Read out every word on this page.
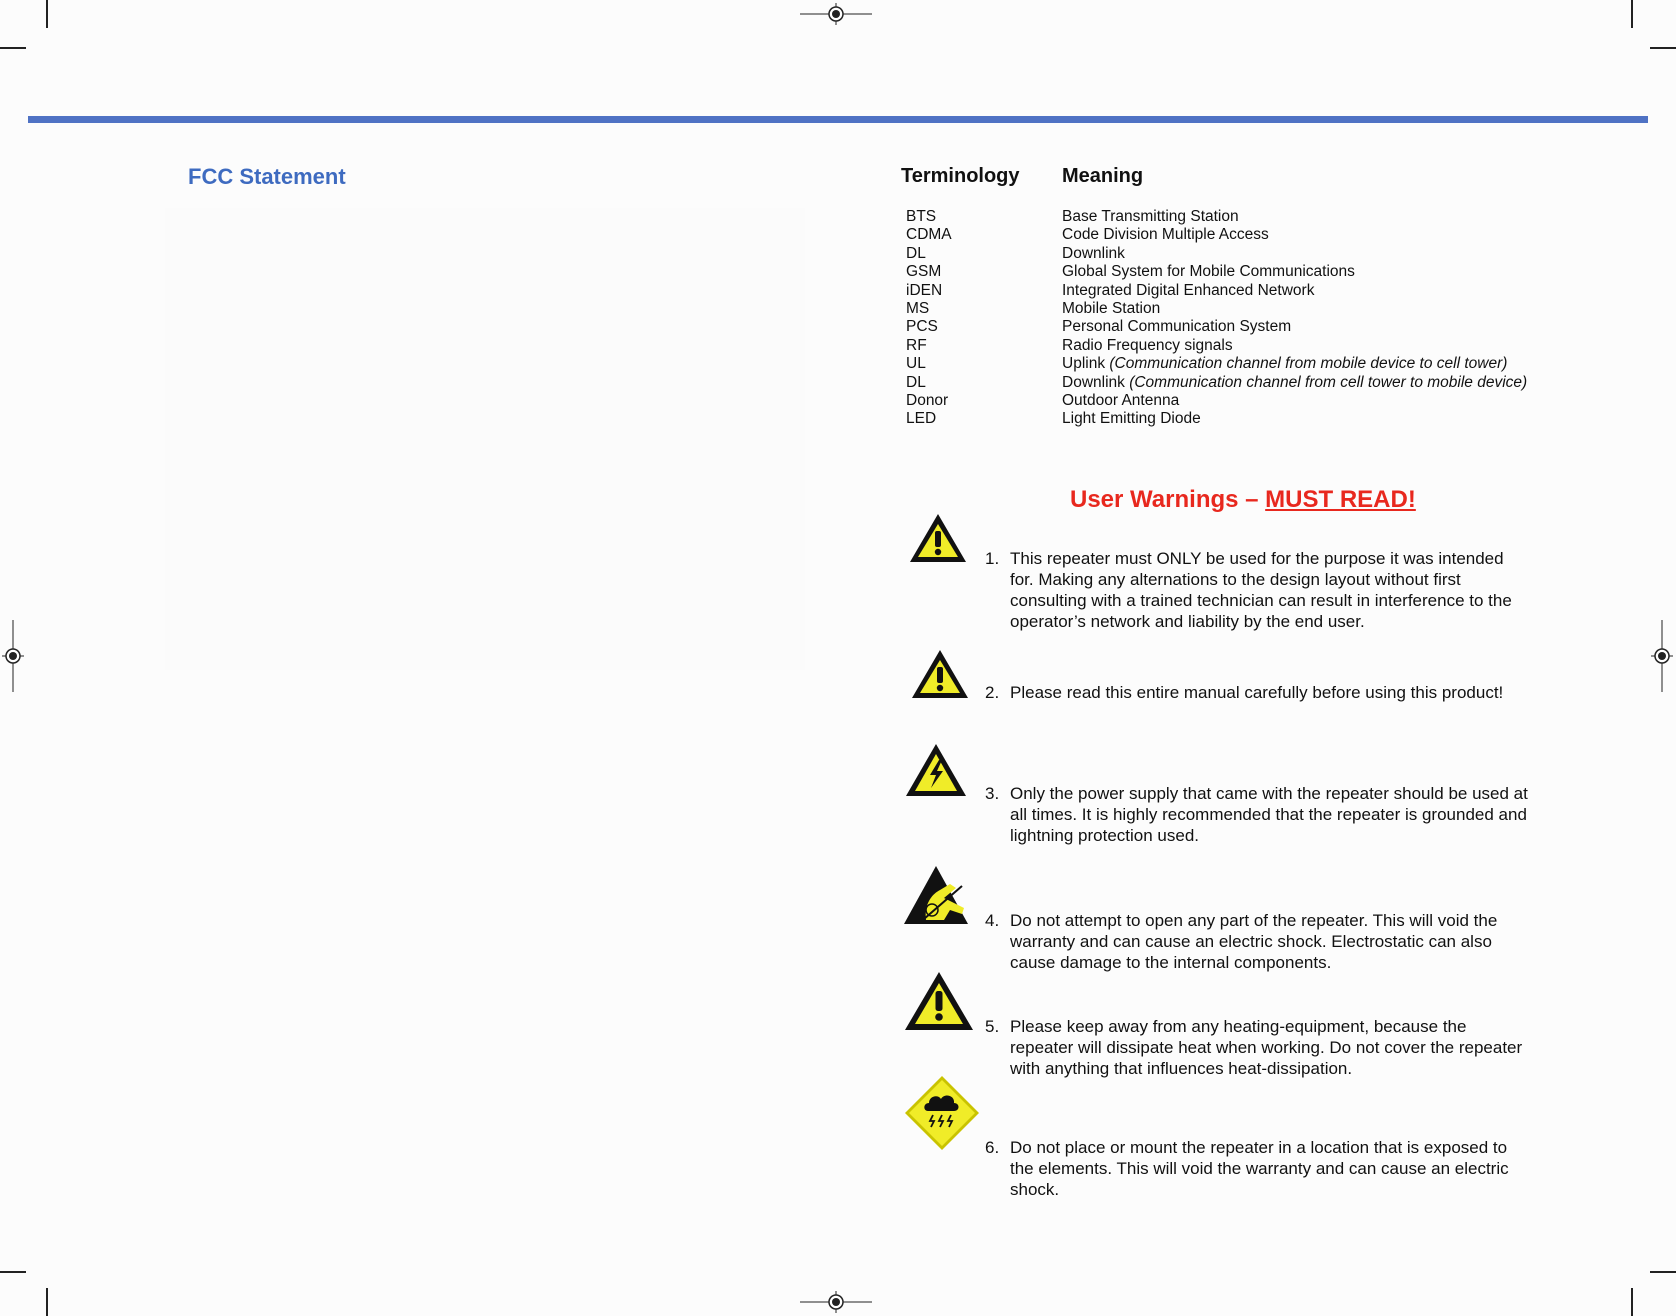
FCC Statement	Terminology Meaning
BTS	Base Transmitting Station
CDMA	Code Division Multiple Access
DL	Downlink
GSM	Global System for Mobile Communications
iDEN	Integrated Digital Enhanced Network
MS	Mobile Station
PCS	Personal Communication System
RF	Radio Frequency signals
UL	Uplink
(Communication channel from mobile device to cell tower)
DL	Downlink
(Communication channel from cell tower to mobile device)
Donor	Outdoor Antenna
LED	Light Emitting Diode
User Warnings – MUST READ!
1. This repeater must ONLY be used for the purpose it was intended for. Making any alternations to the design layout without first consulting with a trained technician can result in interference to the operator’s network and liability by the end user.
2. Please read this entire manual carefully before using this product!
3. Only the power supply that came with the repeater should be used at all times. It is highly recommended that the repeater is grounded and lightning protection used.
4. Do not attempt to open any part of the repeater. This will void the warranty and can cause an electric shock. Electrostatic can also cause damage to the internal components.
5. Please keep away from any heating-equipment, because the repeater will dissipate heat when working. Do not cover the repeater with anything that influences heat-dissipation.
6. Do not place or mount the repeater in a location that is exposed to the elements. This will void the warranty and can cause an electric shock.
